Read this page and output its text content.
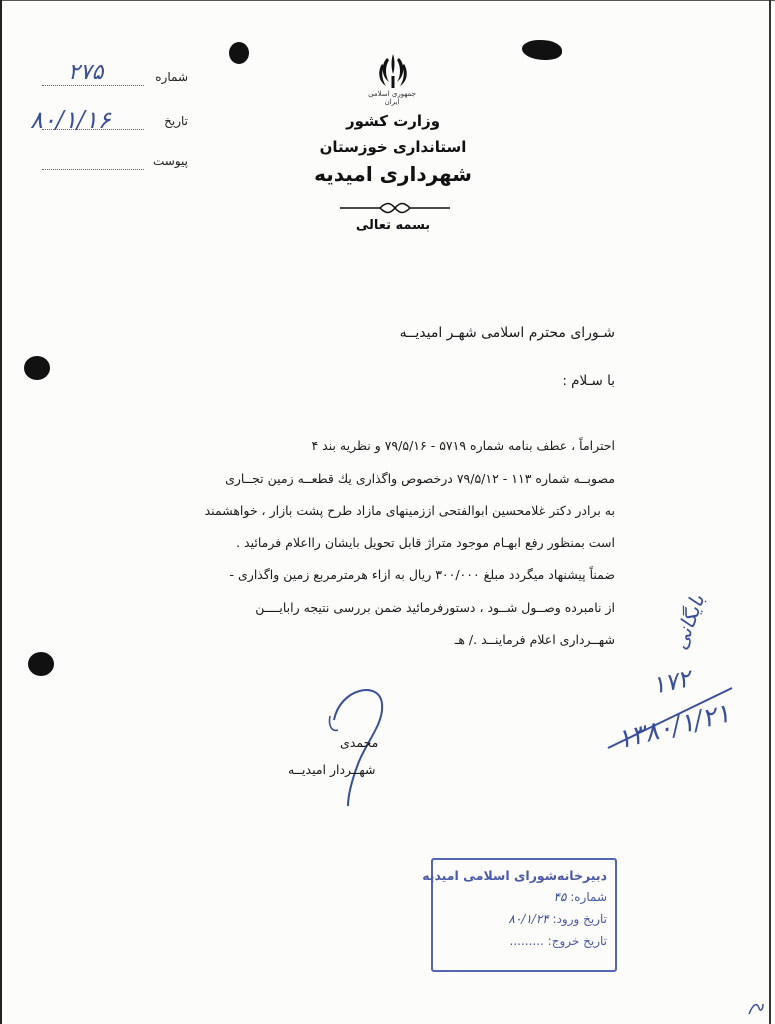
شماره
۲۷۵
تاریخ
۸۰/۱/۱۶
پیوست
جمهوری اسلامی ایران
وزارت کشور
استانداری خوزستان
شهرداری امیدیه
بسمه تعالی
شـورای محترم اسلامی شهـر امیدیــه
با سـلام :
احتراماً ، عطف بنامه شماره ۵۷۱۹ - ۷۹/۵/۱۶ و نظریه بند ۴
مصوبــه شماره ۱۱۳ - ۷۹/۵/۱۲ درخصوص واگذاری یك قطعــه زمین تجــاری
به برادر دکتر غلامحسین ابوالفتحی اززمینهای مازاد طرح پشت بازار ، خواهشمند
است بمنظور رفع ابهـام موجود متراژ قابل تحویل بایشان رااعلام فرمائید .
ضمناً پیشنهاد میگردد مبلغ ۳۰۰/۰۰۰ ریال به ازاء هرمترمربع زمین واگذاری -
از نامبرده وصــول شــود ، دستورفرمائید ضمن بررسی نتیجه رابایــــن
شهــرداری اعلام فرماینــد ./ هـ
محمدی
شهــردار امیدیــه
بایگانی
۱۷۲
۱۳۸۰/۱/۲۱
دبیرخانه‌شورای اسلامی امیدیه
شماره: ۴۵
تاریخ ورود: ۸۰/۱/۲۴
تاریخ خروج: .........
